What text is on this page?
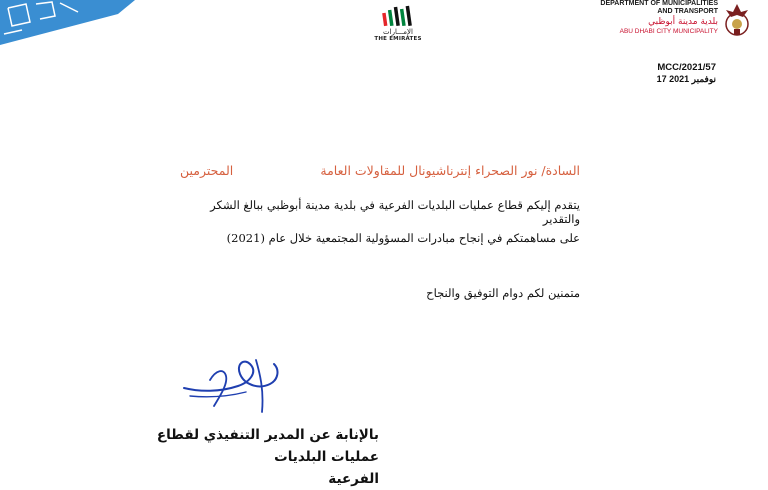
الإمـــارات
THE EMIRATES
DEPARTMENT OF MUNICIPALITIES
AND TRANSPORT
بلدية مدينة أبوظبي
ABU DHABI CITY MUNICIPALITY
MCC/2021/57
17 نوفمبر 2021
السادة/ نور الصحراء إنترناشيونال للمقاولات العامة
المحترمين
يتقدم إليكم قطاع عمليات البلديات الفرعية في بلدية مدينة أبوظبي ببالغ الشكر والتقدير
على مساهمتكم في إنجاح مبادرات المسؤولية المجتمعية خلال عام (2021)
متمنين لكم دوام التوفيق والنجاح
بالإنابة عن المدير التنفيذي لقطاع عمليات البلديات
الفرعية
